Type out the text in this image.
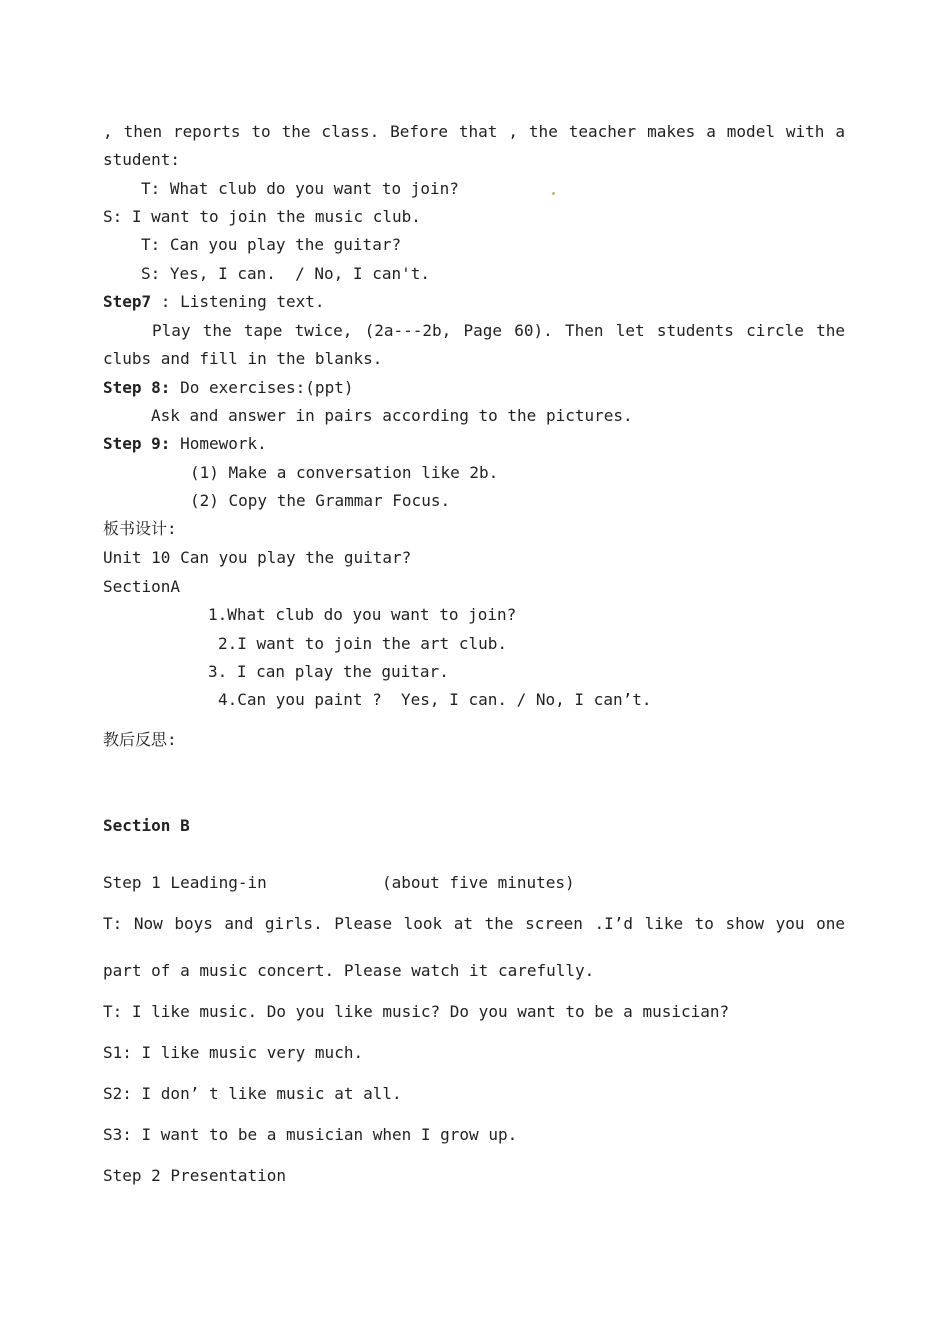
, then reports to the class. Before that , the teacher makes a model with a
student:
T: What club do you want to join?
S: I want to join the music club.
T: Can you play the guitar?
S: Yes, I can.  / No, I can't.
Step7 : Listening text.
Play the tape twice, (2a---2b, Page 60). Then let students circle the
clubs and fill in the blanks.
Step 8: Do exercises:(ppt)
Ask and answer in pairs according to the pictures.
Step 9: Homework.
(1) Make a conversation like 2b.
(2) Copy the Grammar Focus.
板书设计:
Unit 10 Can you play the guitar?
SectionA
1.What club do you want to join?
2.I want to join the art club.
3. I can play the guitar.
4.Can you paint ?  Yes, I can. / No, I can’t.
教后反思:
Section B
Step 1 Leading-in	(about five minutes)
T: Now boys and girls. Please look at the screen .I’d like to show you one
part of a music concert. Please watch it carefully.
T: I like music. Do you like music? Do you want to be a musician?
S1: I like music very much.
S2: I don’ t like music at all.
S3: I want to be a musician when I grow up.
Step 2 Presentation
